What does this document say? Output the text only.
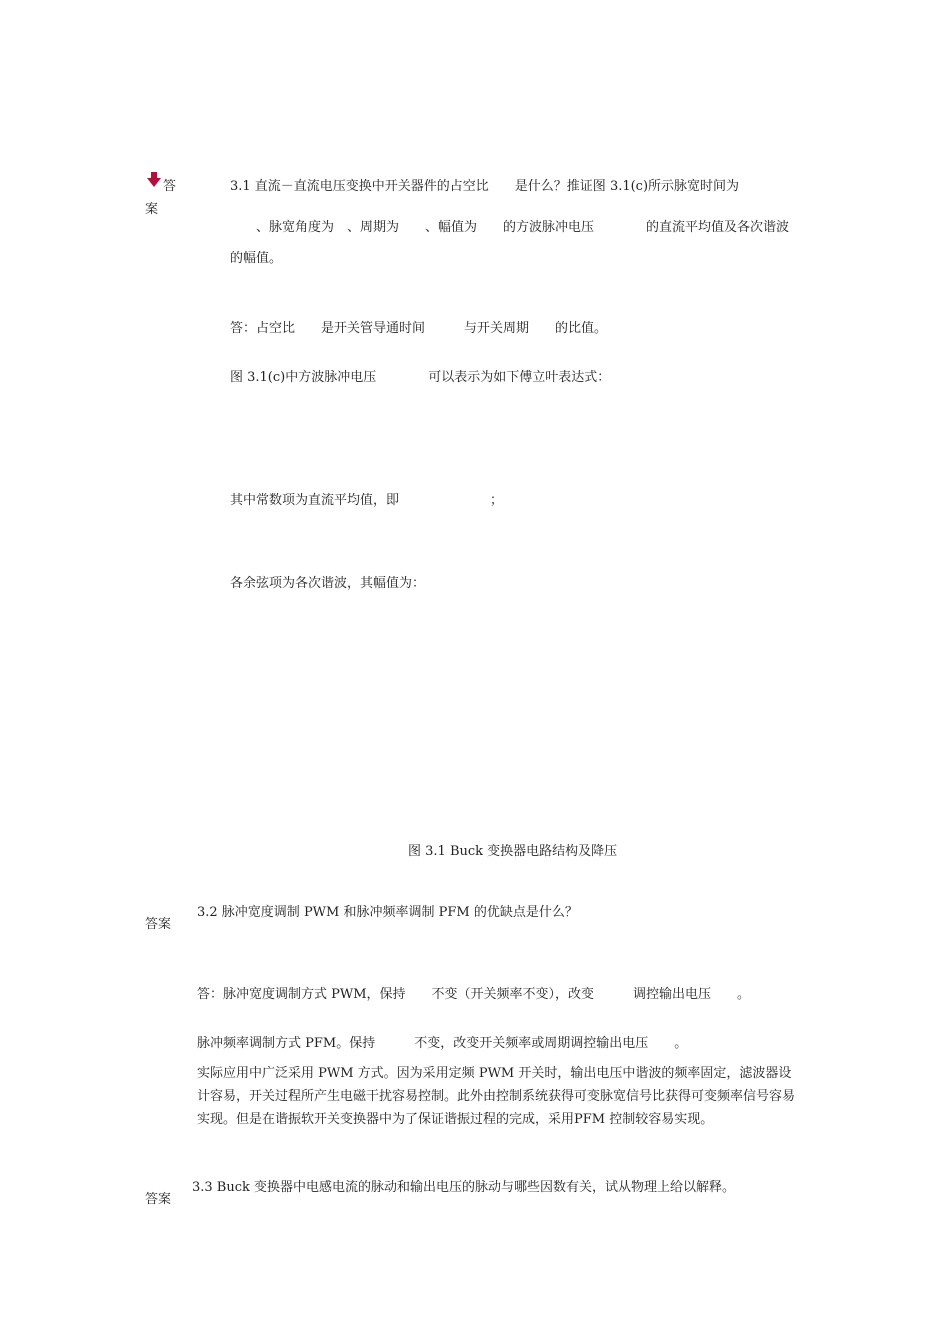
答
案
3.1 直流－直流电压变换中开关器件的占空比　　是什么？推证图 3.1(c)所示脉宽时间为
　　、脉宽角度为　、周期为　　、幅值为　　的方波脉冲电压　　　　的直流平均值及各次谐波
的幅值。
答：占空比　　是开关管导通时间　　　与开关周期　　的比值。
图 3.1(c)中方波脉冲电压　　　　可以表示为如下傅立叶表达式：
其中常数项为直流平均值，即　　　　　　　；
各余弦项为各次谐波，其幅值为：
图 3.1 Buck 变换器电路结构及降压
答案
3.2 脉冲宽度调制 PWM 和脉冲频率调制 PFM 的优缺点是什么？
答：脉冲宽度调制方式 PWM，保持　　不变（开关频率不变），改变　　　调控输出电压　　。
脉冲频率调制方式 PFM。保持　　　不变，改变开关频率或周期调控输出电压　　。
实际应用中广泛采用 PWM 方式。因为采用定频 PWM 开关时，输出电压中谐波的频率固定，滤波器设计容易，开关过程所产生电磁干扰容易控制。此外由控制系统获得可变脉宽信号比获得可变频率信号容易实现。但是在谐振软开关变换器中为了保证谐振过程的完成，采用PFM 控制较容易实现。
答案
3.3 Buck 变换器中电感电流的脉动和输出电压的脉动与哪些因数有关，试从物理上给以解释。
